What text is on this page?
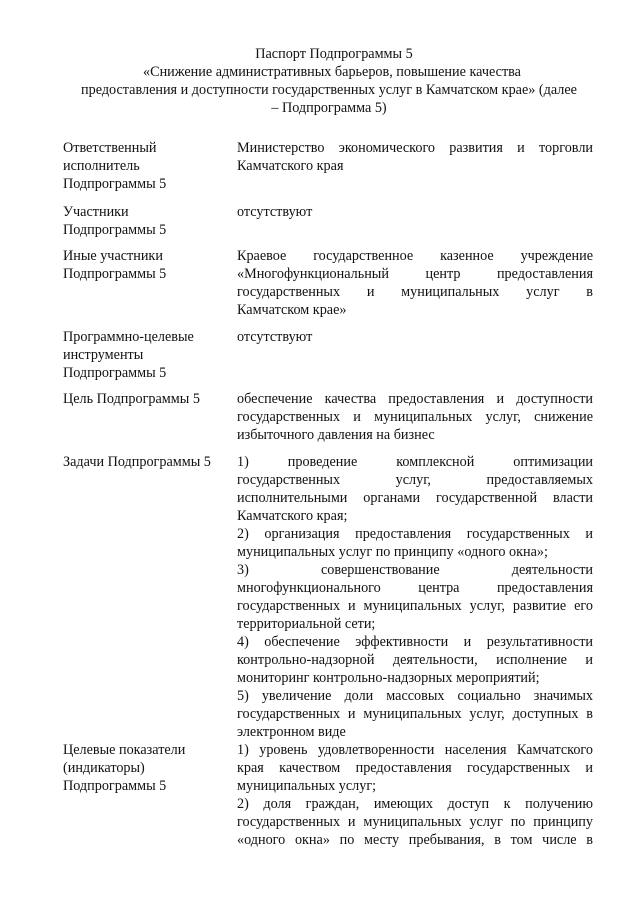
Паспорт Подпрограммы 5
«Снижение административных барьеров, повышение качества
предоставления и доступности государственных услуг в Камчатском крае» (далее
– Подпрограмма 5)
Ответственный
исполнитель
Подпрограммы 5
Министерство экономического развития и торговли
Камчатского края
Участники
Подпрограммы 5
отсутствуют
Иные участники
Подпрограммы 5
Краевое государственное казенное учреждение
«Многофункциональный центр предоставления
государственных и муниципальных услуг в
Камчатском крае»
Программно-целевые
инструменты
Подпрограммы 5
отсутствуют
Цель Подпрограммы 5	обеспечение качества предоставления и доступности
государственных и муниципальных услуг, снижение
избыточного давления на бизнес
Задачи Подпрограммы 5	1) проведение комплексной оптимизации
государственных услуг, предоставляемых
исполнительными органами государственной власти
Камчатского края;
2) организация предоставления государственных и
муниципальных услуг по принципу «одного окна»;
3) совершенствование деятельности
многофункционального центра предоставления
государственных и муниципальных услуг, развитие его
территориальной сети;
4) обеспечение эффективности и результативности
контрольно-надзорной деятельности, исполнение и
мониторинг контрольно-надзорных мероприятий;
5) увеличение доли массовых социально значимых
государственных и муниципальных услуг, доступных в
электронном виде
Целевые показатели
(индикаторы)
Подпрограммы 5
1) уровень удовлетворенности населения Камчатского
края качеством предоставления государственных и
муниципальных услуг;
2) доля граждан, имеющих доступ к получению
государственных и муниципальных услуг по принципу
«одного окна» по месту пребывания, в том числе в
